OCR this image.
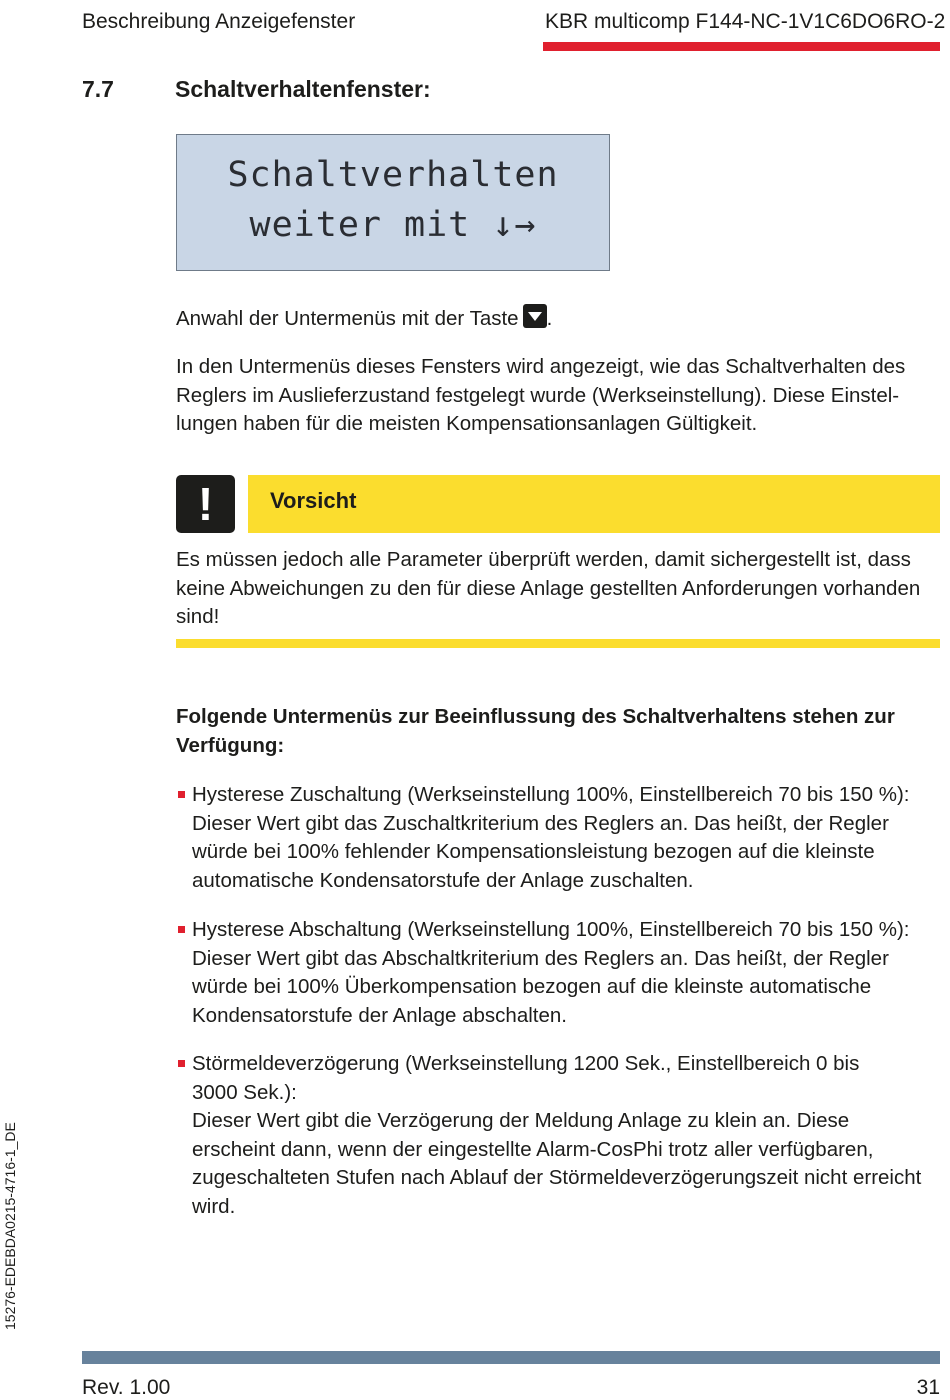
Beschreibung Anzeigefenster	KBR multicomp F144-NC-1V1C6DO6RO-2
7.7	Schaltverhaltenfenster:
Schaltverhalten
weiter mit ↓→
Anwahl der Untermenüs mit der Taste .
In den Untermenüs dieses Fensters wird angezeigt, wie das Schaltverhalten des Reglers im Auslieferzustand festgelegt wurde (Werkseinstellung). Diese Einstel-lungen haben für die meisten Kompensationsanlagen Gültigkeit.
!	Vorsicht
Es müssen jedoch alle Parameter überprüft werden, damit sichergestellt ist, dass keine Abweichungen zu den für diese Anlage gestellten Anforderungen vorhanden sind!
Folgende Untermenüs zur Beeinflussung des Schaltverhaltens stehen zur Verfügung:
Hysterese Zuschaltung (Werkseinstellung 100%, Einstellbereich 70 bis 150 %):
Dieser Wert gibt das Zuschaltkriterium des Reglers an. Das heißt, der Regler würde bei 100% fehlender Kompensationsleistung bezogen auf die kleinste automatische Kondensatorstufe der Anlage zuschalten.
Hysterese Abschaltung (Werkseinstellung 100%, Einstellbereich 70 bis 150 %):
Dieser Wert gibt das Abschaltkriterium des Reglers an. Das heißt, der Regler würde bei 100% Überkompensation bezogen auf die kleinste automatische Kondensatorstufe der Anlage abschalten.
Störmeldeverzögerung (Werkseinstellung 1200 Sek., Einstellbereich 0 bis 3000 Sek.):
Dieser Wert gibt die Verzögerung der Meldung Anlage zu klein an. Diese erscheint dann, wenn der eingestellte Alarm-CosPhi trotz aller verfügbaren, zugeschalteten Stufen nach Ablauf der Störmeldeverzögerungszeit nicht erreicht wird.
15276-EDEBDA0215-4716-1_DE
Rev. 1.00	31
